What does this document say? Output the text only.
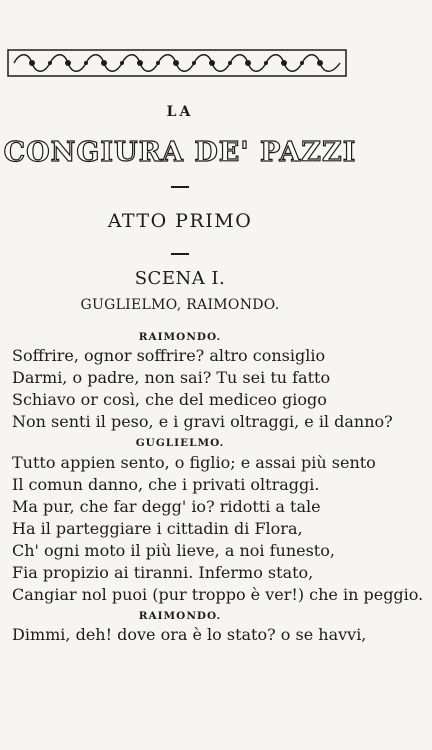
LA
CONGIURA DE' PAZZI
ATTO PRIMO
SCENA I.
GUGLIELMO, RAIMONDO.
RAIMONDO.
Soffrire, ognor soffrire? altro consiglio
Darmi, o padre, non sai? Tu sei tu fatto
Schiavo or così, che del mediceo giogo
Non senti il peso, e i gravi oltraggi, e il danno?
GUGLIELMO.
Tutto appien sento, o figlio; e assai più sento
Il comun danno, che i privati oltraggi.
Ma pur, che far degg' io? ridotti a tale
Ha il parteggiare i cittadin di Flora,
Ch' ogni moto il più lieve, a noi funesto,
Fia propizio ai tiranni. Infermo stato,
Cangiar nol puoi (pur troppo è ver!) che in peggio.
RAIMONDO.
Dimmi, deh! dove ora è lo stato? o se havvi,
